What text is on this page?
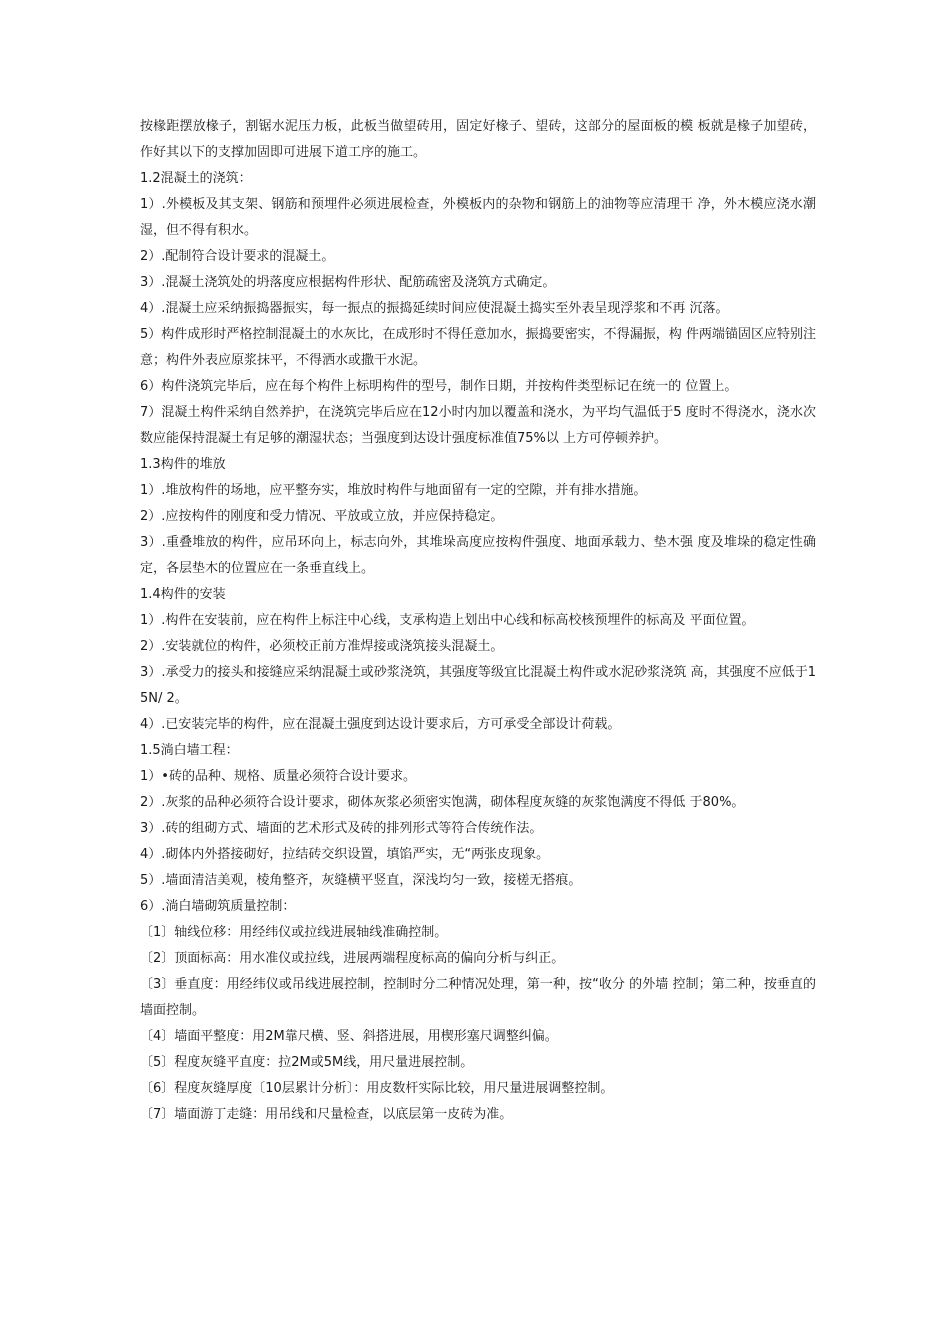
按椽距摆放椽子，割锯水泥压力板，此板当做望砖用，固定好椽子、望砖，这部分的屋面板的模 板就是椽子加望砖，作好其以下的支撑加固即可进展下道工序的施工。

1.2混凝土的浇筑：

1）.外模板及其支架、钢筋和预埋件必须进展检查，外模板内的杂物和钢筋上的油物等应清理干 净，外木模应浇水潮湿，但不得有积水。

2）.配制符合设计要求的混凝土。

3）.混凝土浇筑处的坍落度应根据构件形状、配筋疏密及浇筑方式确定。

4）.混凝土应采纳振捣器振实，每一振点的振捣延续时间应使混凝土捣实至外表呈现浮浆和不再 沉落。

5）构件成形时严格控制混凝土的水灰比，在成形时不得任意加水，振捣要密实，不得漏振，构 件两端锚固区应特别注意；构件外表应原浆抹平，不得洒水或撒干水泥。

6）构件浇筑完毕后，应在每个构件上标明构件的型号，制作日期，并按构件类型标记在统一的 位置上。

7）混凝土构件采纳自然养护，在浇筑完毕后应在12小时内加以覆盖和浇水，为平均气温低于5 度时不得浇水，浇水次数应能保持混凝土有足够的潮湿状态；当强度到达设计强度标准值75%以 上方可停顿养护。

1.3构件的堆放

1）.堆放构件的场地，应平整夯实，堆放时构件与地面留有一定的空隙，并有排水措施。

2）.应按构件的刚度和受力情况、平放或立放，并应保持稳定。

3）.重叠堆放的构件，应吊环向上，标志向外，其堆垛高度应按构件强度、地面承载力、垫木强 度及堆垛的稳定性确定，各层垫木的位置应在一条垂直线上。

1.4构件的安装

1）.构件在安装前，应在构件上标注中心线，支承构造上划出中心线和标高校核预埋件的标高及 平面位置。

2）.安装就位的构件，必须校正前方准焊接或浇筑接头混凝土。

3）.承受力的接头和接缝应采纳混凝土或砂浆浇筑，其强度等级宜比混凝土构件或水泥砂浆浇筑 高，其强度不应低于15N/ 2。

4）.已安装完毕的构件，应在混凝土强度到达设计要求后，方可承受全部设计荷载。

1.5淌白墙工程：

1）•砖的品种、规格、质量必须符合设计要求。

2）.灰浆的品种必须符合设计要求，砌体灰浆必须密实饱满，砌体程度灰缝的灰浆饱满度不得低 于80%。

3）.砖的组砌方式、墙面的艺术形式及砖的排列形式等符合传统作法。

4）.砌体内外搭接砌好，拉结砖交织设置，填馅严实，无“两张皮现象。

5）.墙面清洁美观，棱角整齐，灰缝横平竖直，深浅均匀一致，接槎无搭痕。

6）.淌白墙砌筑质量控制：

〔1〕轴线位移：用经纬仪或拉线进展轴线准确控制。

〔2〕顶面标高：用水准仪或拉线，进展两端程度标高的偏向分析与纠正。

〔3〕垂直度：用经纬仪或吊线进展控制，控制时分二种情况处理，第一种，按“收分 的外墙 控制；第二种，按垂直的墙面控制。

〔4〕墙面平整度：用2M靠尺横、竖、斜搭进展，用楔形塞尺调整纠偏。

〔5〕程度灰缝平直度：拉2M或5M线，用尺量进展控制。

〔6〕程度灰缝厚度〔10层累计分析〕：用皮数杆实际比较，用尺量进展调整控制。

〔7〕墙面游丁走缝：用吊线和尺量检查，以底层第一皮砖为准。
